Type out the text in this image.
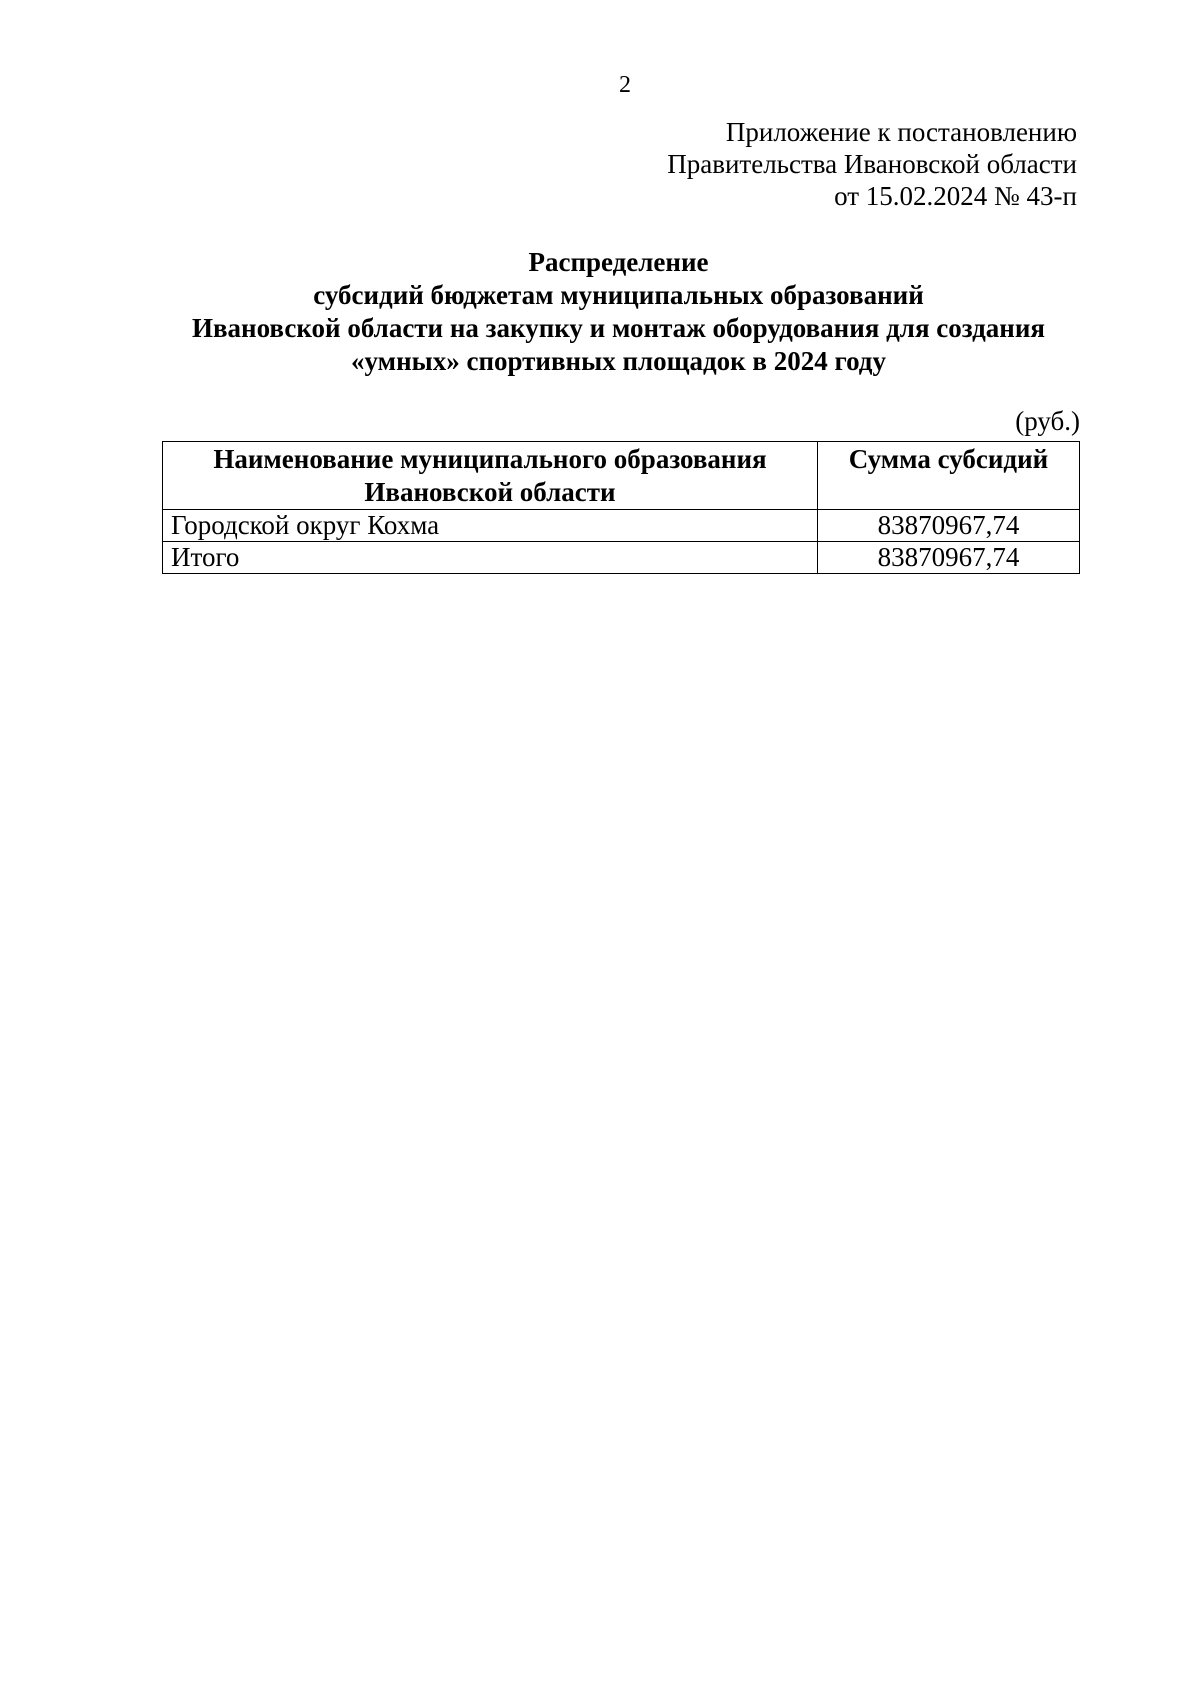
2
Приложение к постановлению
Правительства Ивановской области
от 15.02.2024 № 43-п
Распределение
субсидий бюджетам муниципальных образований
Ивановской области на закупку и монтаж оборудования для создания
«умных» спортивных площадок в 2024 году
(руб.)
Наименование муниципального образования
Ивановской области	Сумма субсидий
Городской округ Кохма	83870967,74
Итого	83870967,74
